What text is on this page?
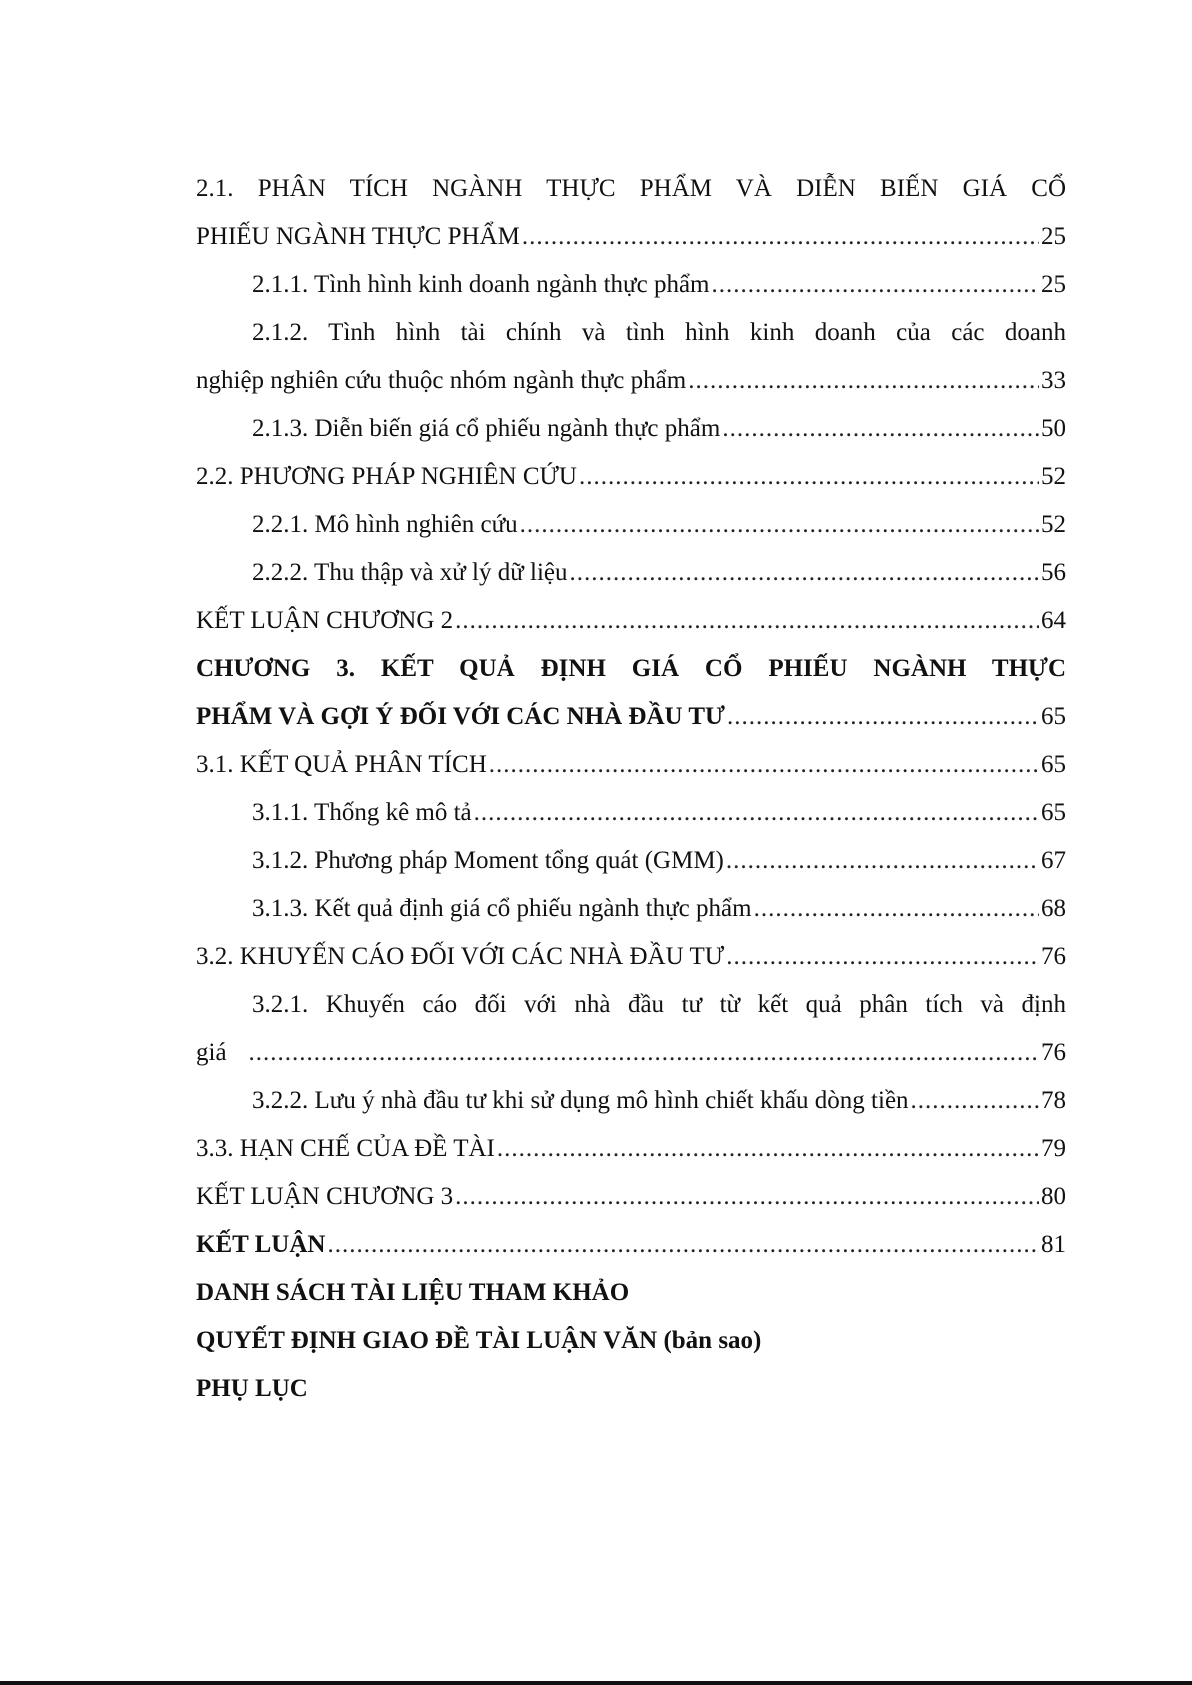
2.1. PHÂN TÍCH NGÀNH THỰC PHẨM VÀ DIỄN BIẾN GIÁ CỔ
PHIẾU NGÀNH THỰC PHẨM .....	25
2.1.1. Tình hình kinh doanh ngành thực phẩm .....	25
2.1.2. Tình hình tài chính và tình hình kinh doanh của các doanh
nghiệp nghiên cứu thuộc nhóm ngành thực phẩm .....	33
2.1.3. Diễn biến giá cổ phiếu ngành thực phẩm .....	50
2.2. PHƯƠNG PHÁP NGHIÊN CỨU .....	52
2.2.1. Mô hình nghiên cứu .....	52
2.2.2. Thu thập và xử lý dữ liệu .....	56
KẾT LUẬN CHƯƠNG 2 .....	64
CHƯƠNG 3. KẾT QUẢ ĐỊNH GIÁ CỔ PHIẾU NGÀNH THỰC
PHẨM VÀ GỢI Ý ĐỐI VỚI CÁC NHÀ ĐẦU TƯ .....	65
3.1. KẾT QUẢ PHÂN TÍCH .....	65
3.1.1. Thống kê mô tả .....	65
3.1.2. Phương pháp Moment tổng quát (GMM) .....	67
3.1.3. Kết quả định giá cổ phiếu ngành thực phẩm .....	68
3.2. KHUYẾN CÁO ĐỐI VỚI CÁC NHÀ ĐẦU TƯ .....	76
3.2.1. Khuyến cáo đối với nhà đầu tư từ kết quả phân tích và định
giá .....	76
3.2.2. Lưu ý nhà đầu tư khi sử dụng mô hình chiết khấu dòng tiền .....	78
3.3. HẠN CHẾ CỦA ĐỀ TÀI .....	79
KẾT LUẬN CHƯƠNG 3 .....	80
KẾT LUẬN .....	81
DANH SÁCH TÀI LIỆU THAM KHẢO
QUYẾT ĐỊNH GIAO ĐỀ TÀI LUẬN VĂN (bản sao)
PHỤ LỤC
